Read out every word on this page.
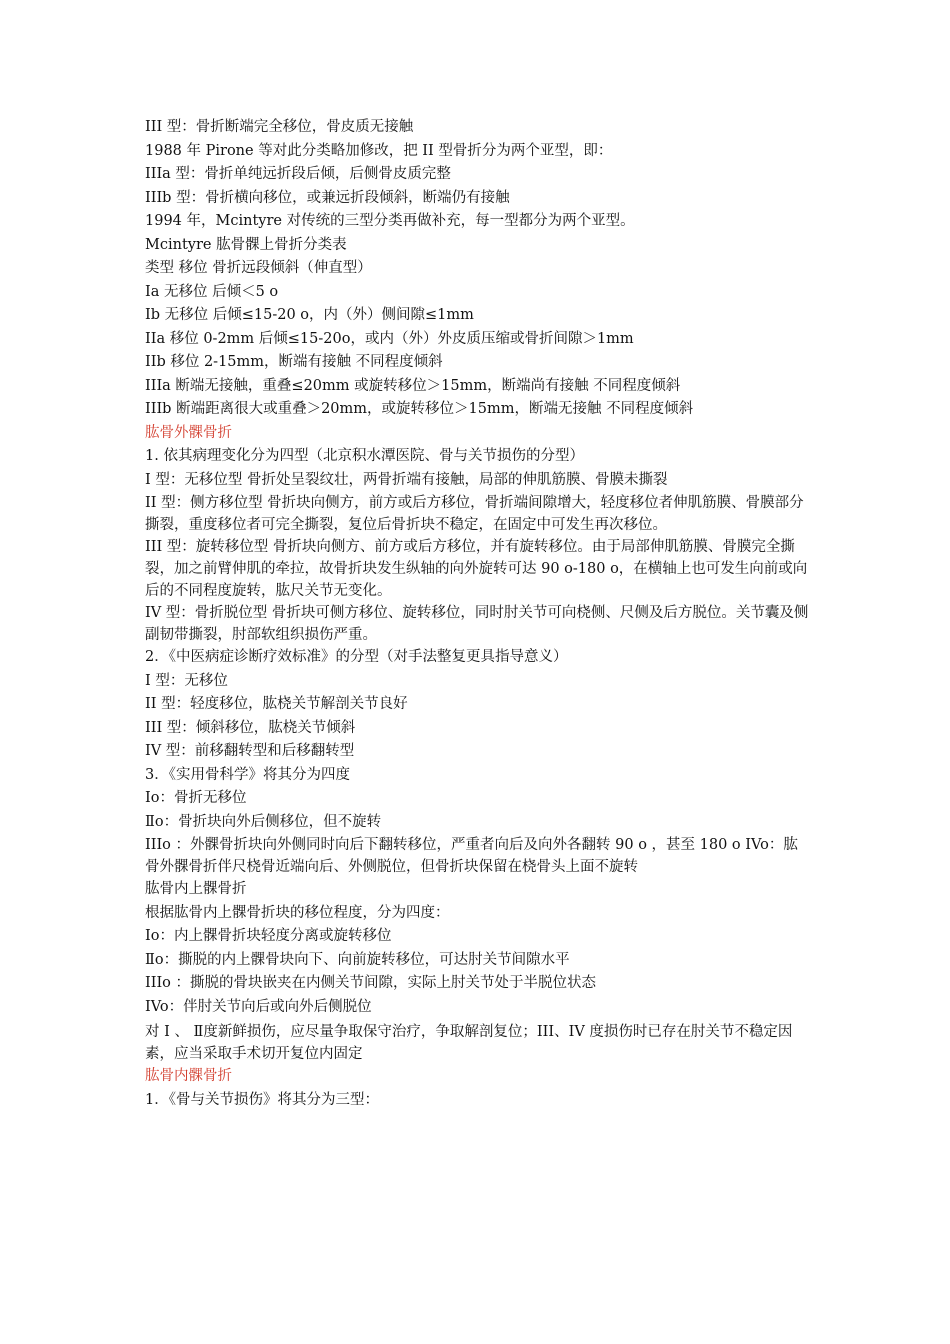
III 型：骨折断端完全移位，骨皮质无接触

1988 年 Pirone 等对此分类略加修改，把 II 型骨折分为两个亚型，即：

IIIa 型：骨折单纯远折段后倾，后侧骨皮质完整

IIIb 型：骨折横向移位，或兼远折段倾斜，断端仍有接触

1994 年，Mcintyre 对传统的三型分类再做补充，每一型都分为两个亚型。

Mcintyre 肱骨髁上骨折分类表

类型 移位 骨折远段倾斜（伸直型）

Ia 无移位 后倾＜5 o

Ib 无移位 后倾≤15-20 o，内（外）侧间隙≤1mm

IIa 移位 0-2mm 后倾≤15-20o，或内（外）外皮质压缩或骨折间隙＞1mm

IIb 移位 2-15mm，断端有接触 不同程度倾斜

IIIa 断端无接触，重叠≤20mm 或旋转移位＞15mm，断端尚有接触 不同程度倾斜

IIIb 断端距离很大或重叠＞20mm，或旋转移位＞15mm，断端无接触 不同程度倾斜

肱骨外髁骨折

1. 依其病理变化分为四型（北京积水潭医院、骨与关节损伤的分型）

I 型：无移位型 骨折处呈裂纹壮，两骨折端有接触，局部的伸肌筋膜、骨膜未撕裂

II 型：侧方移位型 骨折块向侧方，前方或后方移位，骨折端间隙增大，轻度移位者伸肌筋膜、骨膜部分撕裂，重度移位者可完全撕裂，复位后骨折块不稳定，在固定中可发生再次移位。

III 型：旋转移位型 骨折块向侧方、前方或后方移位，并有旋转移位。由于局部伸肌筋膜、骨膜完全撕裂，加之前臂伸肌的牵拉，故骨折块发生纵轴的向外旋转可达 90 o-180 o，在横轴上也可发生向前或向后的不同程度旋转，肱尺关节无变化。

IV 型：骨折脱位型 骨折块可侧方移位、旋转移位，同时肘关节可向桡侧、尺侧及后方脱位。关节囊及侧副韧带撕裂，肘部软组织损伤严重。

2．《中医病症诊断疗效标准》的分型（对手法整复更具指导意义）

I 型：无移位

II 型：轻度移位，肱桡关节解剖关节良好

III 型：倾斜移位，肱桡关节倾斜

IV 型：前移翻转型和后移翻转型

3．《实用骨科学》将其分为四度

Ⅰo：骨折无移位

Ⅱo：骨折块向外后侧移位，但不旋转

IIIo ：外髁骨折块向外侧同时向后下翻转移位，严重者向后及向外各翻转 90 o ，甚至 180 o IVo：肱骨外髁骨折伴尺桡骨近端向后、外侧脱位，但骨折块保留在桡骨头上面不旋转

肱骨内上髁骨折

根据肱骨内上髁骨折块的移位程度，分为四度：

Ⅰo：内上髁骨折块轻度分离或旋转移位

Ⅱo：撕脱的内上髁骨块向下、向前旋转移位，可达肘关节间隙水平

IIIo ：撕脱的骨块嵌夹在内侧关节间隙，实际上肘关节处于半脱位状态

IVo：伴肘关节向后或向外后侧脱位

对 Ⅰ 、 Ⅱ度新鲜损伤，应尽量争取保守治疗，争取解剖复位；III、IV 度损伤时已存在肘关节不稳定因素，应当采取手术切开复位内固定

肱骨内髁骨折

1．《骨与关节损伤》将其分为三型：
